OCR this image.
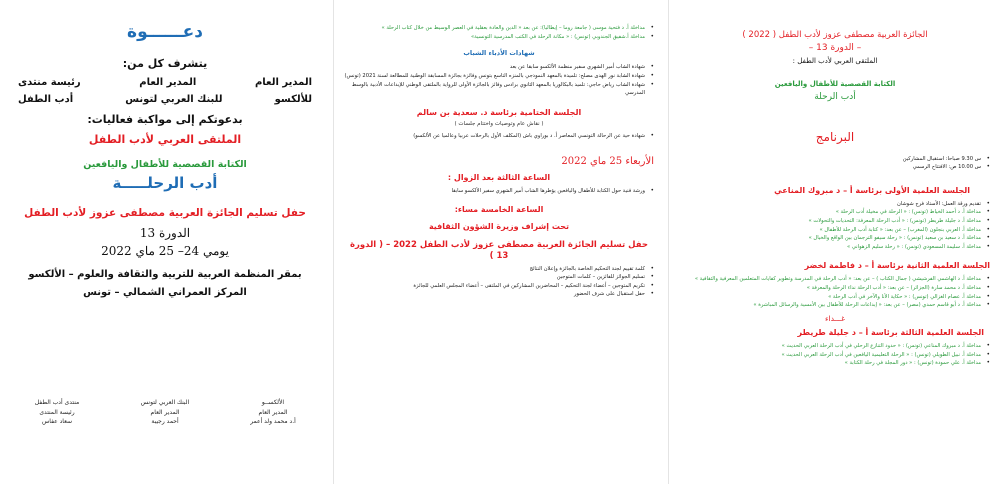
دعــــــوة

يتشرف كل من:

المدير العام
المدير العام
رئيسة منتدى
للألكسو
للبنك العربي لتونس
أدب الطفل

بدعوتكم إلى مواكبة فعاليات:

الملتقى العربي لأدب الطفل

الكتابة القصصية للأطفال واليافعين

أدب الرحلـــــة

حفل تسليم الجائزة العربية مصطفى عزوز لأدب الطفل

الدورة 13

يومي 24– 25 ماي 2022

بمقر المنظمة العربية للتربية والثقافة والعلوم – الألكسو

المركز العمراني الشمالي – تونس

الألكســو
المدير العام
أ.د محمد ولد أعمر
البنك العربي لتونس
المدير العام
أحمد رجيبة
منتدى أدب الطفل
رئيسة المنتدى
سعاد عفاس

• مداخلة أ. د فتحية موسى ( جامعة روما – إيطاليا): عن بعد « الدين والعادة بعقلية في العصر الوسيط من خلال كتاب الرحلة »

• مداخلة أ.شفيق الجندوبي (تونس) : « مكانة الرحلة في الكتب المدرسية التونسية»

شهادات الأدباء الشباب

• شهادة الشاب أمير الشهري سفير منظمة الألكسو سابقا عن بعد

• شهادة الشابة نور الهدى مصلح: تلميذة بالمعهد النموذجي بالمنزه التاسع بتونس وفائزة بجائزة المسابقة الوطنية للمطالعة لسنة 2021 (تونس)

• شهادة الشاب رياض حاجي: تلميذ بالبكالوريا بالمعهد الثانوي برادس وفائز بالجائزة الأولى للرواية بالملتقى الوطني للإبداعات الأدبية بالوسط المدرسي

الجلسة الختامية برئاسة د. سعدية بن سالم

( نقاش عام وتوصيات واختتام جلسات )

• شهادة حية عن الرحالة التونسي المعاصر أ. د بوراوي باش (المكلف الأول بالرحلات عربيا وعالميا عن الألكسو)

الأربعاء 25 ماي 2022

الساعة الثالثة بعد الزوال :

• ورشة فنية حول الكتابة للأطفال واليافعين يؤطرها الشاب أمير الشهري سفير الألكسو سابقا

الساعة الخامسة مساء:

تحت إشراف وزيرة الشؤون الثقافية

حفل تسليم الجائزة العربية مصطفى عزوز لأدب الطفل 2022 – ( الدورة 13 )

• كلمة تقييم لجنة التحكيم الخاصة بالجائزة وإعلان النتائج

• تسليم الجوائز للفائزين – كلمات المتوجين

• تكريم المتوجين – أعضاء لجنة التحكيم – المحاضرين المشاركين في الملتقى – أعضاء المجلس العلمي للجائزة

• حفل استقبال على شرف الحضور

الجائزة العربية مصطفى عزوز لأدب الطفل ( 2022 )

– الدورة 13 –

الملتقى العربي لأدب الطفل :

الكتابة القصصية للأطفال واليافعين

أدب الرحلة

البرنامج

• س 9.30 صباحا: استقبال المشاركين

• س 10.00 ص: الافتتاح الرسمي

الجلسة العلمية الأولى برئاسة أ – د مبروك المناعي

• تقديم ورقة العمل: الأستاذ فرج شوشان

• مداخلة أ. د أحمد الخياط (تونس) : « الرحلة في مخيلة أدب الرحلة »

• مداخلة أ. د جليلة طريطر (تونس) : « أدب الرحلة المعرفة: التحديات والتحولات »

• مداخلة أ. العربي بنجلون (المغرب) – عن بعد: « كتابة أدب الرحلة للأطفال »

• مداخلة أ. د سعيد بن سعيد (تونس) : « رحلة سيفو الترجمان بين الواقع والخيال »

• مداخلة أ. سليمة المسعودي (تونس) : « رحلة سليم الزهواني »

الجلسة العلمية الثانية برئاسة أ – د فاطمة لخضر

• مداخلة أ. د الهاشمي الفرشيشي ( جمال الكتاب ) – عن بعد: « أدب الرحلة في المدرسة وتطوير كفايات المتعلمين المعرفية والثقافية »

• مداخلة أ. د محمد سارة (الجزائر) – عن بعد: « أدب الرحلة نداء الرحلة والمعرفة »

• مداخلة أ. عصام الغزالي (تونس) : « حكاية الأنا والآخر في أدب الرحلة »

• مداخلة أ. د أبو قاسم حمدي (مصر) – عن بعد: « إبداعات الرحلة للأطفال بين الأمسية والرسائل المباشرة »

غـــداء

الجلسة العلمية الثالثة برئاسة أ – د جليلة طريطر

• مداخلة أ. د مبروك المناعي (تونس) : « حدود التنازع الرحلي في أدب الرحلة العربي الحديث »

• مداخلة أ. نبيل الطويلي (تونس) : « الرحلة التعليمية اليافعين في أدب الرحلة العربي الحديث »

• مداخلة أ. علي حمودة (تونس) : « دور المجلة في رحلة الكتابة »
